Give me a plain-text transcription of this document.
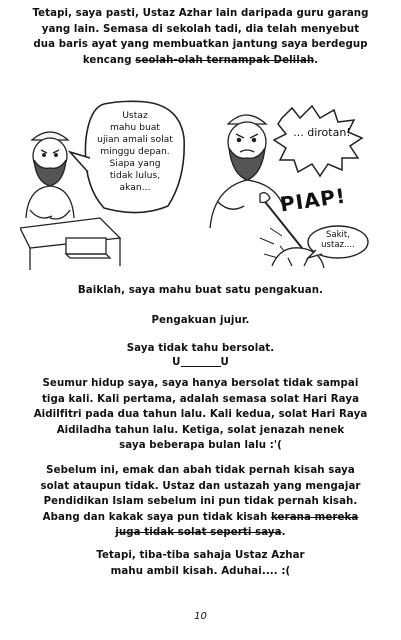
Tetapi, saya pasti, Ustaz Azhar lain daripada guru garang
yang lain. Semasa di sekolah tadi, dia telah menyebut
dua baris ayat yang membuatkan jantung saya berdegup
kencang seolah-olah ternampak Delilah.
Ustaz
mahu buat
ujian amali solat
minggu depan.
Siapa yang
tidak lulus,
akan...
... dirotan!
PIAP!
Sakit,
ustaz....
Baiklah, saya mahu buat satu pengakuan.
Pengakuan jujur.
Saya tidak tahu bersolat.
U	U
Seumur hidup saya, saya hanya bersolat tidak sampai
tiga kali. Kali pertama, adalah semasa solat Hari Raya
Aidilfitri pada dua tahun lalu. Kali kedua, solat Hari Raya
Aidiladha tahun lalu. Ketiga, solat jenazah nenek
saya beberapa bulan lalu :'(
Sebelum ini, emak dan abah tidak pernah kisah saya
solat ataupun tidak. Ustaz dan ustazah yang mengajar
Pendidikan Islam sebelum ini pun tidak pernah kisah.
Abang dan kakak saya pun tidak kisah kerana mereka
juga tidak solat seperti saya.
Tetapi, tiba-tiba sahaja Ustaz Azhar
mahu ambil kisah. Aduhai.... :(
10
